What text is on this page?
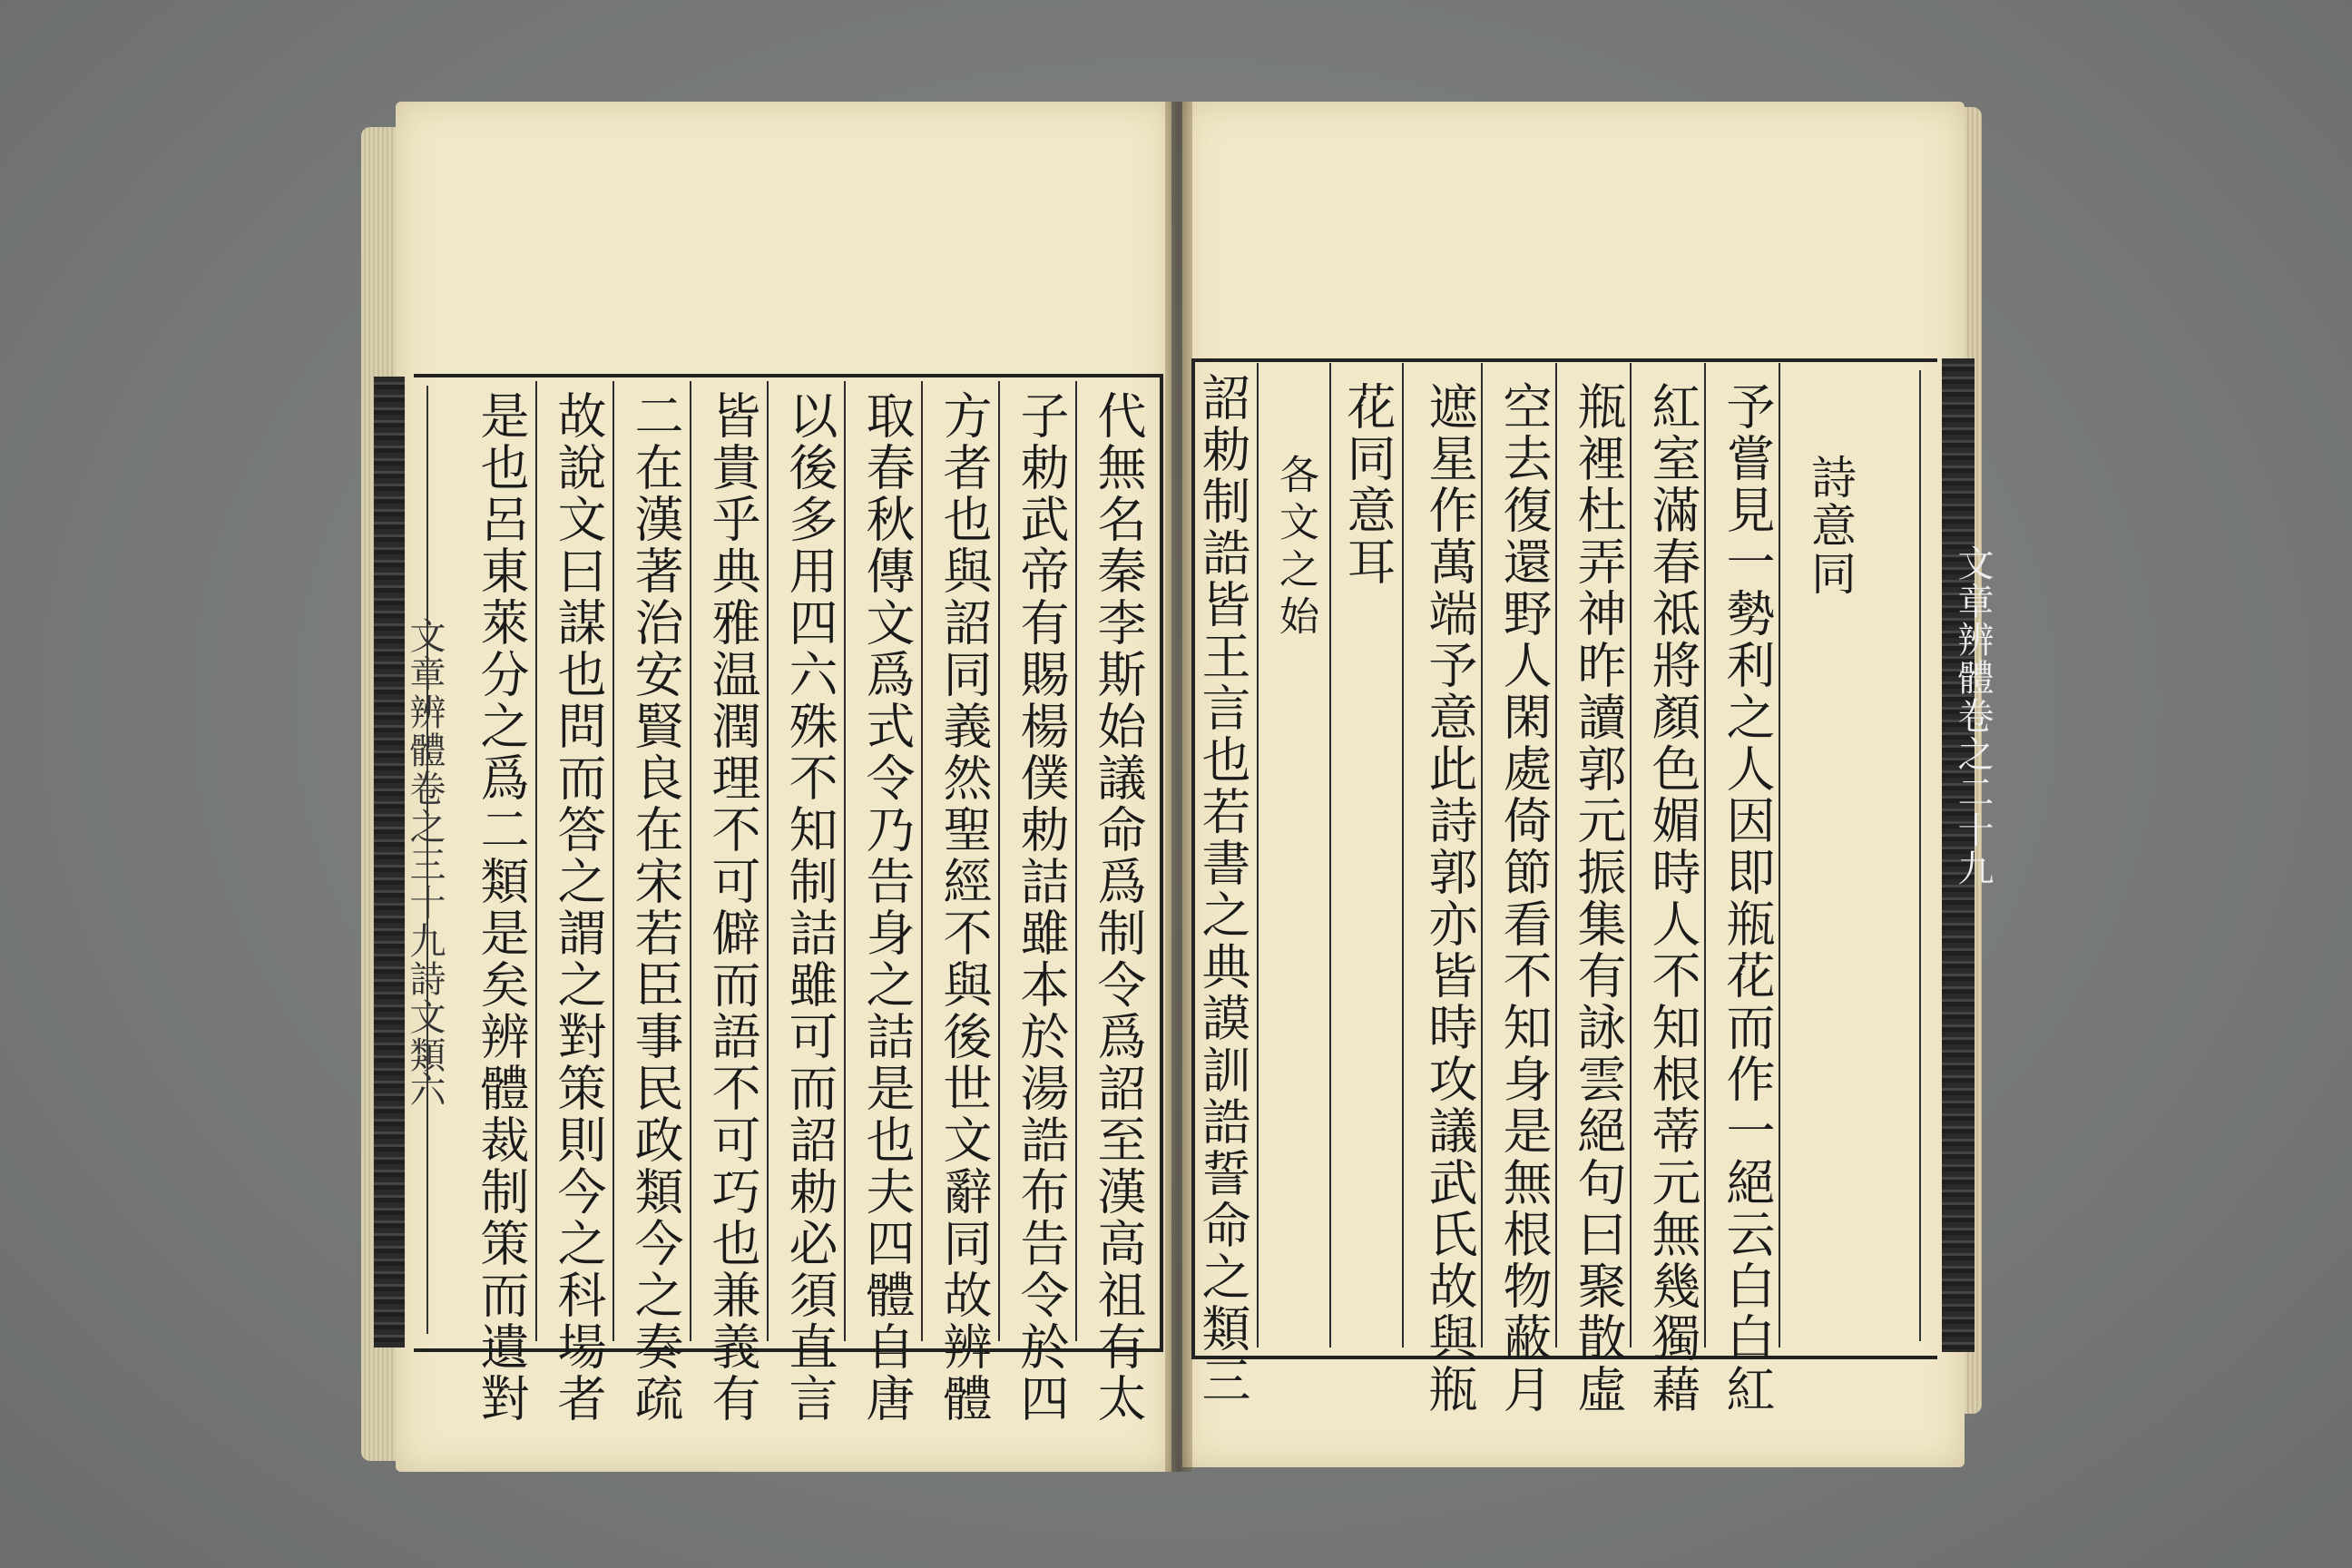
文章辨體卷之三十九詩文類
六
文章辨體卷之二十九
代無名秦李斯始議命爲制令爲詔至漢高祖有太
子勅武帝有賜楊僕勅詰雖本於湯誥布告令於四
方者也與詔同義然聖經不與後世文辭同故辨體
取春秋傳文爲式令乃告身之詰是也夫四體自唐
以後多用四六殊不知制詰雖可而詔勅必須直言
皆貴乎典雅温潤理不可僻而語不可巧也兼義有
二在漢著治安賢良在宋若臣事民政類今之奏疏
故說文曰謀也問而答之謂之對策則今之科場者
是也呂東萊分之爲二類是矣辨體裁制策而遺對	詔勅制誥皆王言也若書之典謨訓誥誓命之類三 各文之始 花同意耳 遮星作萬端予意此詩郭亦皆時攻議武氏故與瓶 空去復還野人閑處倚節看不知身是無根物蔽月 瓶裡杜弄神昨讀郭元振集有詠雲絕句曰聚散虛 紅室滿春祗將顏色媚時人不知根蒂元無幾獨藉 予嘗見一勢利之人因即瓶花而作一絕云白白紅 詩意同
